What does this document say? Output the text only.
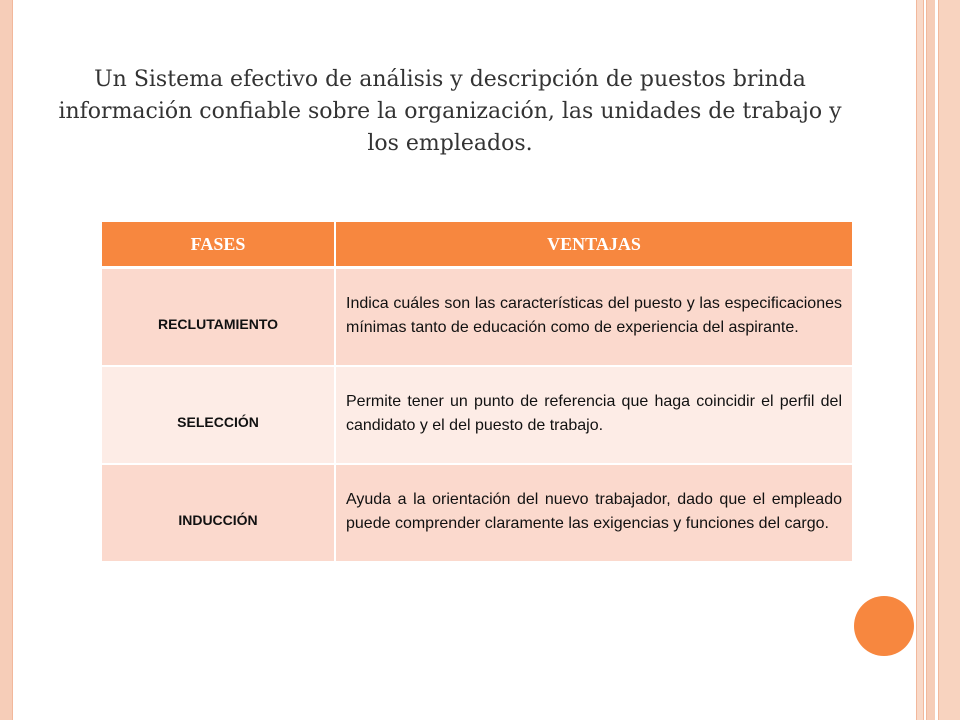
Un Sistema efectivo de análisis y descripción de puestos brinda información confiable sobre la organización, las unidades de trabajo y los empleados.

FASES	VENTAJAS
RECLUTAMIENTO	Indica cuáles son las características del puesto y las especificaciones mínimas tanto de educación como de experiencia del aspirante.
SELECCIÓN	Permite tener un punto de referencia que haga coincidir el perfil del candidato y el del puesto de trabajo.
INDUCCIÓN	Ayuda a la orientación del nuevo trabajador, dado que el empleado puede comprender claramente las exigencias y funciones del cargo.
